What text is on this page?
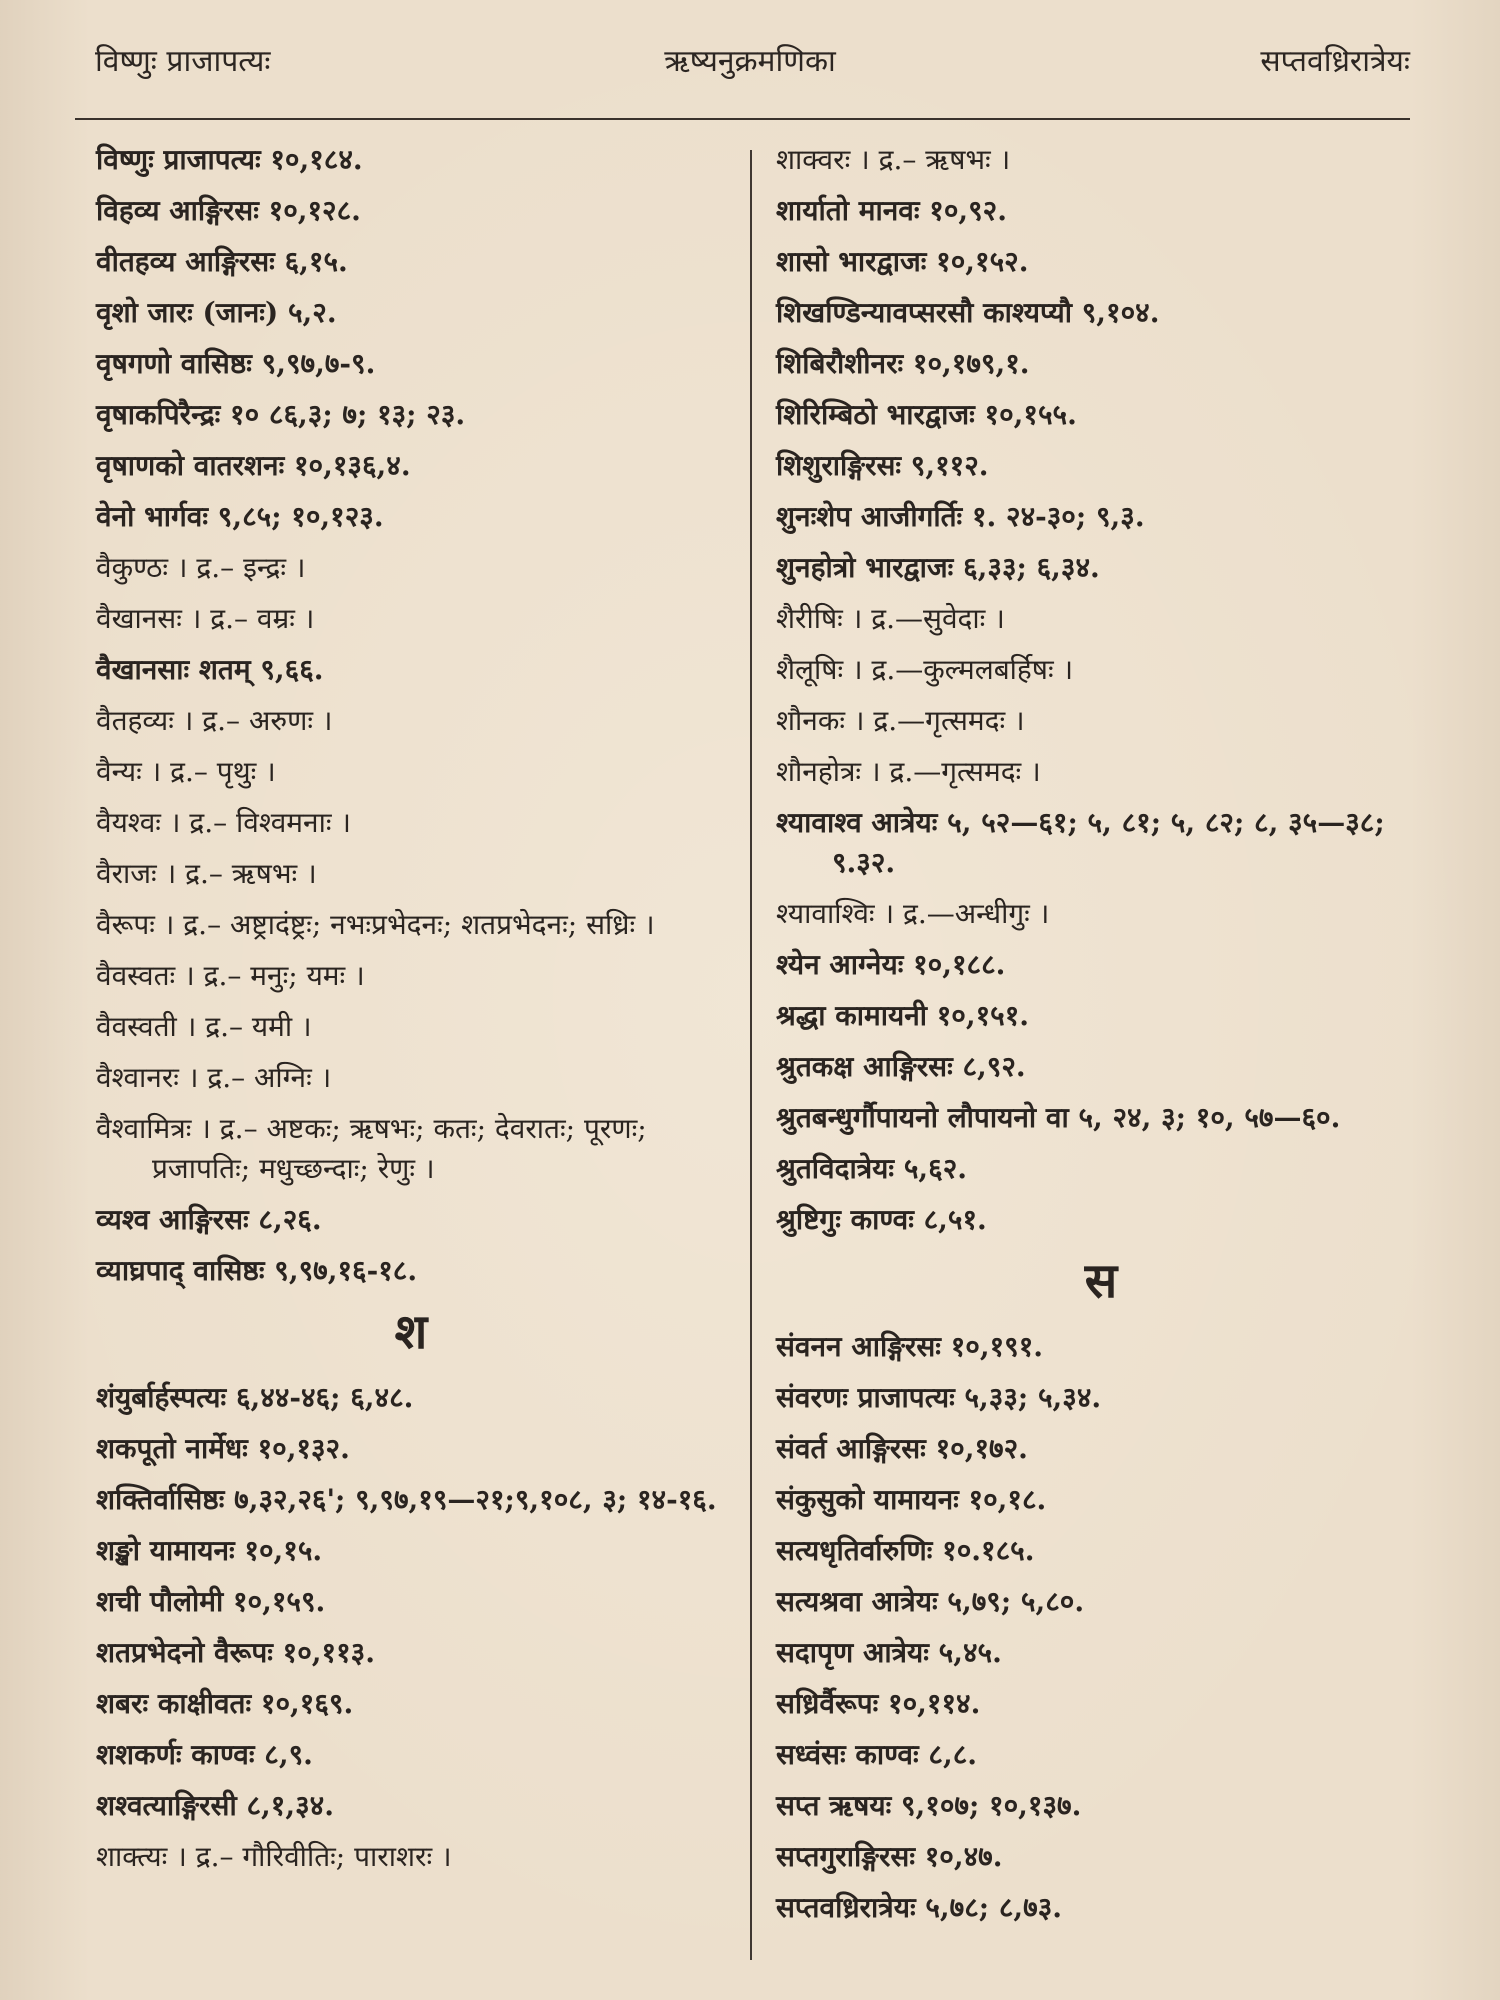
विष्णुः प्राजापत्यः	ऋष्यनुक्रमणिका	सप्तवध्रिरात्रेयः
विष्णुः प्राजापत्यः १०,१८४.
विहव्य आङ्गिरसः १०,१२८.
वीतहव्य आङ्गिरसः ६,१५.
वृशो जारः (जानः) ५,२.
वृषगणो वासिष्ठः ९,९७,७-९.
वृषाकपिरैन्द्रः १० ८६,३; ७; १३; २३.
वृषाणको वातरशनः १०,१३६,४.
वेनो भार्गवः ९,८५; १०,१२३.
वैकुण्ठः । द्र.– इन्द्रः ।
वैखानसः । द्र.– वम्रः ।
वैखानसाः शतम् ९,६६.
वैतहव्यः । द्र.– अरुणः ।
वैन्यः । द्र.– पृथुः ।
वैयश्वः । द्र.– विश्वमनाः ।
वैराजः । द्र.– ऋषभः ।
वैरूपः । द्र.– अष्ट्रादंष्ट्रः; नभःप्रभेदनः; शतप्रभेदनः; सध्रिः ।
वैवस्वतः । द्र.– मनुः; यमः ।
वैवस्वती । द्र.– यमी ।
वैश्वानरः । द्र.– अग्निः ।
वैश्वामित्रः । द्र.– अष्टकः; ऋषभः; कतः; देवरातः; पूरणः; प्रजापतिः; मधुच्छन्दाः; रेणुः ।
व्यश्व आङ्गिरसः ८,२६.
व्याघ्रपाद् वासिष्ठः ९,९७,१६-१८.
श
शंयुर्बार्हस्पत्यः ६,४४-४६; ६,४८.
शकपूतो नार्मेधः १०,१३२.
शक्तिर्वासिष्ठः ७,३२,२६'; ९,९७,१९—२१;९,१०८, ३; १४-१६.
शङ्खो यामायनः १०,१५.
शची पौलोमी १०,१५९.
शतप्रभेदनो वैरूपः १०,११३.
शबरः काक्षीवतः १०,१६९.
शशकर्णः काण्वः ८,९.
शश्वत्याङ्गिरसी ८,१,३४.
शाक्त्यः । द्र.– गौरिवीतिः; पाराशरः ।
शाक्वरः । द्र.– ऋषभः ।
शार्यातो मानवः १०,९२.
शासो भारद्वाजः १०,१५२.
शिखण्डिन्यावप्सरसौ काश्यप्यौ ९,१०४.
शिबिरौशीनरः १०,१७९,१.
शिरिम्बिठो भारद्वाजः १०,१५५.
शिशुराङ्गिरसः ९,११२.
शुनःशेप आजीगर्तिः १. २४-३०; ९,३.
शुनहोत्रो भारद्वाजः ६,३३; ६,३४.
शैरीषिः । द्र.—सुवेदाः ।
शैलूषिः । द्र.—कुल्मलबर्हिषः ।
शौनकः । द्र.—गृत्समदः ।
शौनहोत्रः । द्र.—गृत्समदः ।
श्यावाश्व आत्रेयः ५, ५२—६१; ५, ८१; ५, ८२; ८, ३५—३८; ९.३२.
श्यावाश्विः । द्र.—अन्धीगुः ।
श्येन आग्नेयः १०,१८८.
श्रद्धा कामायनी १०,१५१.
श्रुतकक्ष आङ्गिरसः ८,९२.
श्रुतबन्धुर्गौपायनो लौपायनो वा ५, २४, ३; १०, ५७—६०.
श्रुतविदात्रेयः ५,६२.
श्रुष्टिगुः काण्वः ८,५१.
स
संवनन आङ्गिरसः १०,१९१.
संवरणः प्राजापत्यः ५,३३; ५,३४.
संवर्त आङ्गिरसः १०,१७२.
संकुसुको यामायनः १०,१८.
सत्यधृतिर्वारुणिः १०.१८५.
सत्यश्रवा आत्रेयः ५,७९; ५,८०.
सदापृण आत्रेयः ५,४५.
सध्रिर्वैरूपः १०,११४.
सध्वंसः काण्वः ८,८.
सप्त ऋषयः ९,१०७; १०,१३७.
सप्तगुराङ्गिरसः १०,४७.
सप्तवध्रिरात्रेयः ५,७८; ८,७३.
